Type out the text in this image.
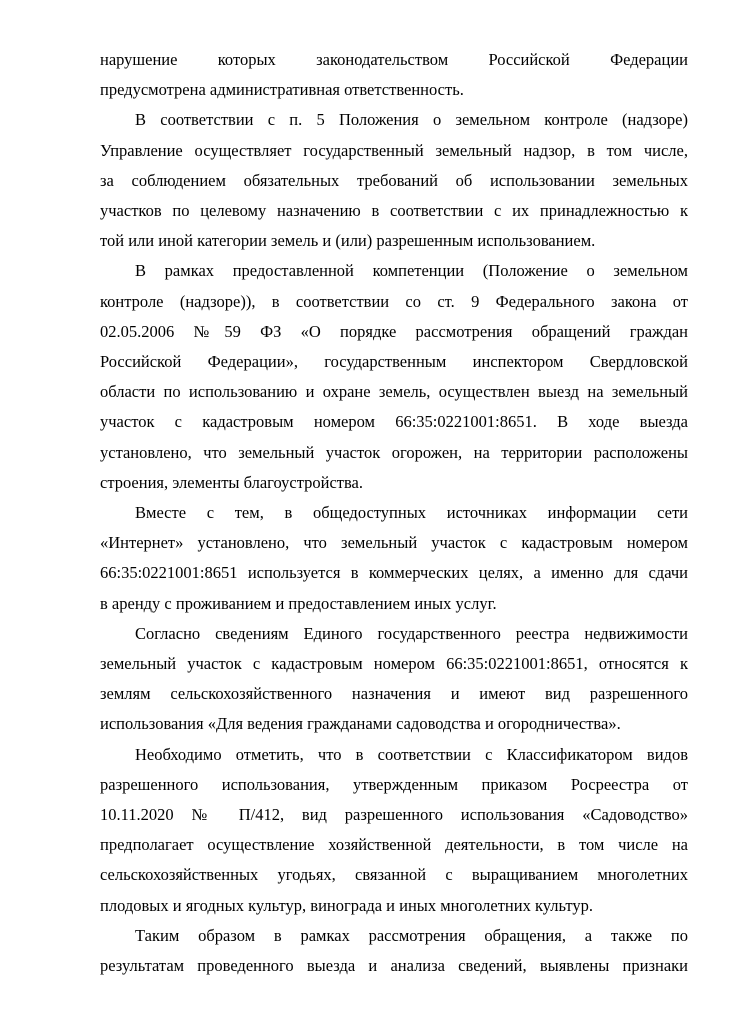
нарушение которых законодательством Российской Федерации
предусмотрена административная ответственность.
В соответствии с п. 5 Положения о земельном контроле (надзоре)
Управление осуществляет государственный земельный надзор, в том числе,
за соблюдением обязательных требований об использовании земельных
участков по целевому назначению в соответствии с их принадлежностью к
той или иной категории земель и (или) разрешенным использованием.
В рамках предоставленной компетенции (Положение о земельном
контроле (надзоре)), в соответствии со ст. 9 Федерального закона от
02.05.2006 №59 ФЗ «О порядке рассмотрения обращений граждан
Российской Федерации», государственным инспектором Свердловской
области по использованию и охране земель, осуществлен выезд на земельный
участок с кадастровым номером 66:35:0221001:8651. В ходе выезда
установлено, что земельный участок огорожен, на территории расположены
строения, элементы благоустройства.
Вместе с тем, в общедоступных источниках информации сети
«Интернет» установлено, что земельный участок с кадастровым номером
66:35:0221001:8651 используется в коммерческих целях, а именно для сдачи
в аренду с проживанием и предоставлением иных услуг.
Согласно сведениям Единого государственного реестра недвижимости
земельный участок с кадастровым номером 66:35:0221001:8651, относятся к
землям сельскохозяйственного назначения и имеют вид разрешенного
использования «Для ведения гражданами садоводства и огородничества».
Необходимо отметить, что в соответствии с Классификатором видов
разрешенного использования, утвержденным приказом Росреестра от
10.11.2020 № П/412, вид разрешенного использования «Садоводство»
предполагает осуществление хозяйственной деятельности, в том числе на
сельскохозяйственных угодьях, связанной с выращиванием многолетних
плодовых и ягодных культур, винограда и иных многолетних культур.
Таким образом в рамках рассмотрения обращения, а также по
результатам проведенного выезда и анализа сведений, выявлены признаки
